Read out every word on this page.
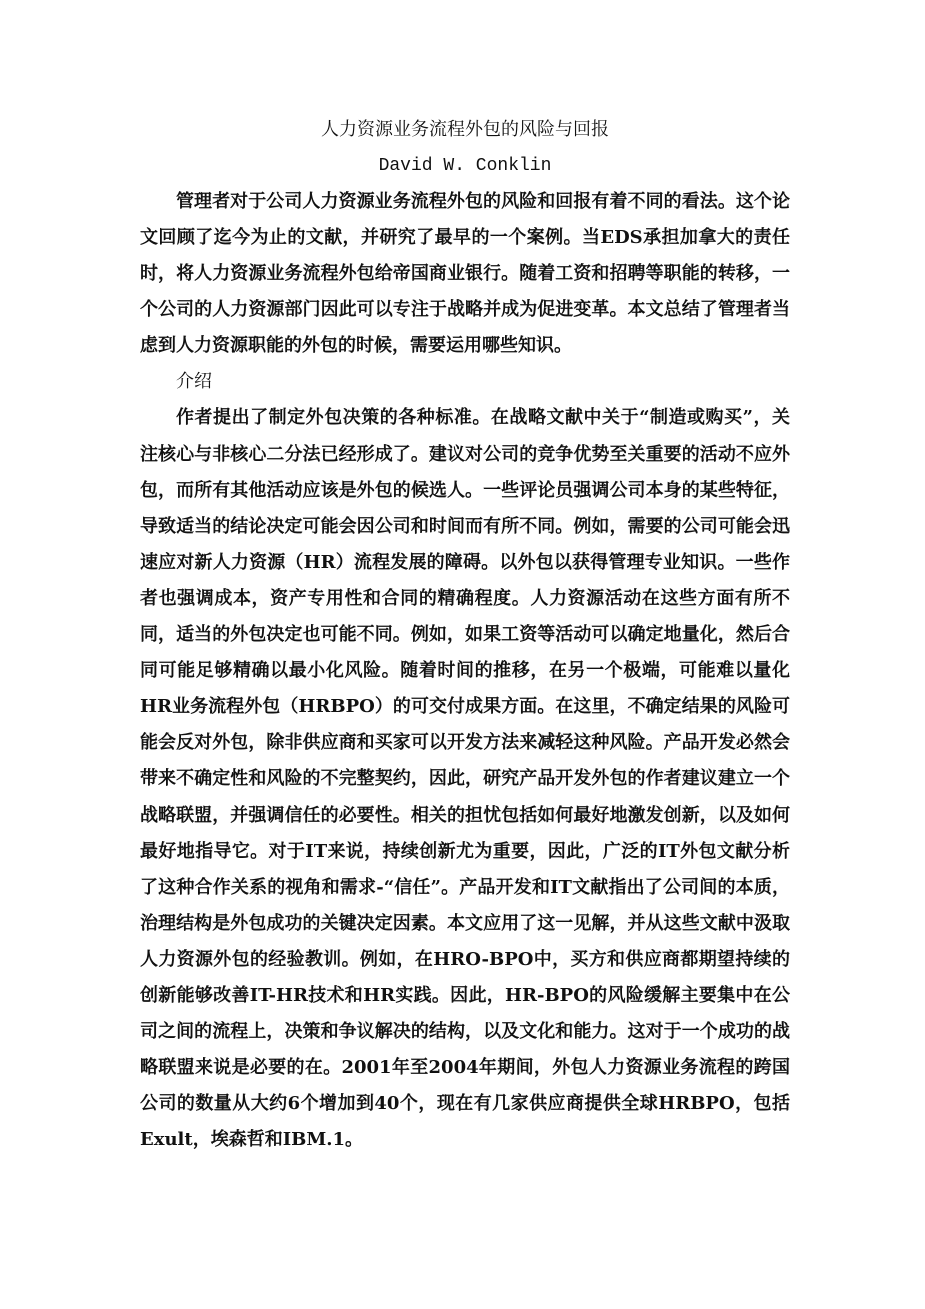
人力资源业务流程外包的风险与回报
David W. Conklin

管理者对于公司人力资源业务流程外包的风险和回报有着不同的看法。这个论文回顾了迄今为止的文献，并研究了最早的一个案例。当EDS承担加拿大的责任时，将人力资源业务流程外包给帝国商业银行。随着工资和招聘等职能的转移，一个公司的人力资源部门因此可以专注于战略并成为促进变革。本文总结了管理者当虑到人力资源职能的外包的时候，需要运用哪些知识。

介绍

作者提出了制定外包决策的各种标准。在战略文献中关于“制造或购买”，关注核心与非核心二分法已经形成了。建议对公司的竞争优势至关重要的活动不应外包，而所有其他活动应该是外包的候选人。一些评论员强调公司本身的某些特征，导致适当的结论决定可能会因公司和时间而有所不同。例如，需要的公司可能会迅速应对新人力资源（HR）流程发展的障碍。以外包以获得管理专业知识。一些作者也强调成本，资产专用性和合同的精确程度。人力资源活动在这些方面有所不同，适当的外包决定也可能不同。例如，如果工资等活动可以确定地量化，然后合同可能足够精确以最小化风险。随着时间的推移，在另一个极端，可能难以量化HR业务流程外包（HRBPO）的可交付成果方面。在这里，不确定结果的风险可能会反对外包，除非供应商和买家可以开发方法来减轻这种风险。产品开发必然会带来不确定性和风险的不完整契约，因此，研究产品开发外包的作者建议建立一个战略联盟，并强调信任的必要性。相关的担忧包括如何最好地激发创新，以及如何最好地指导它。对于IT来说，持续创新尤为重要，因此，广泛的IT外包文献分析了这种合作关系的视角和需求-“信任”。产品开发和IT文献指出了公司间的本质，治理结构是外包成功的关键决定因素。本文应用了这一见解，并从这些文献中汲取人力资源外包的经验教训。例如，在HRO-BPO中，买方和供应商都期望持续的创新能够改善IT-HR技术和HR实践。因此，HR-BPO的风险缓解主要集中在公司之间的流程上，决策和争议解决的结构，以及文化和能力。这对于一个成功的战略联盟来说是必要的在。2001年至2004年期间，外包人力资源业务流程的跨国公司的数量从大约6个增加到40个，现在有几家供应商提供全球HRBPO，包括Exult，埃森哲和IBM.1。
